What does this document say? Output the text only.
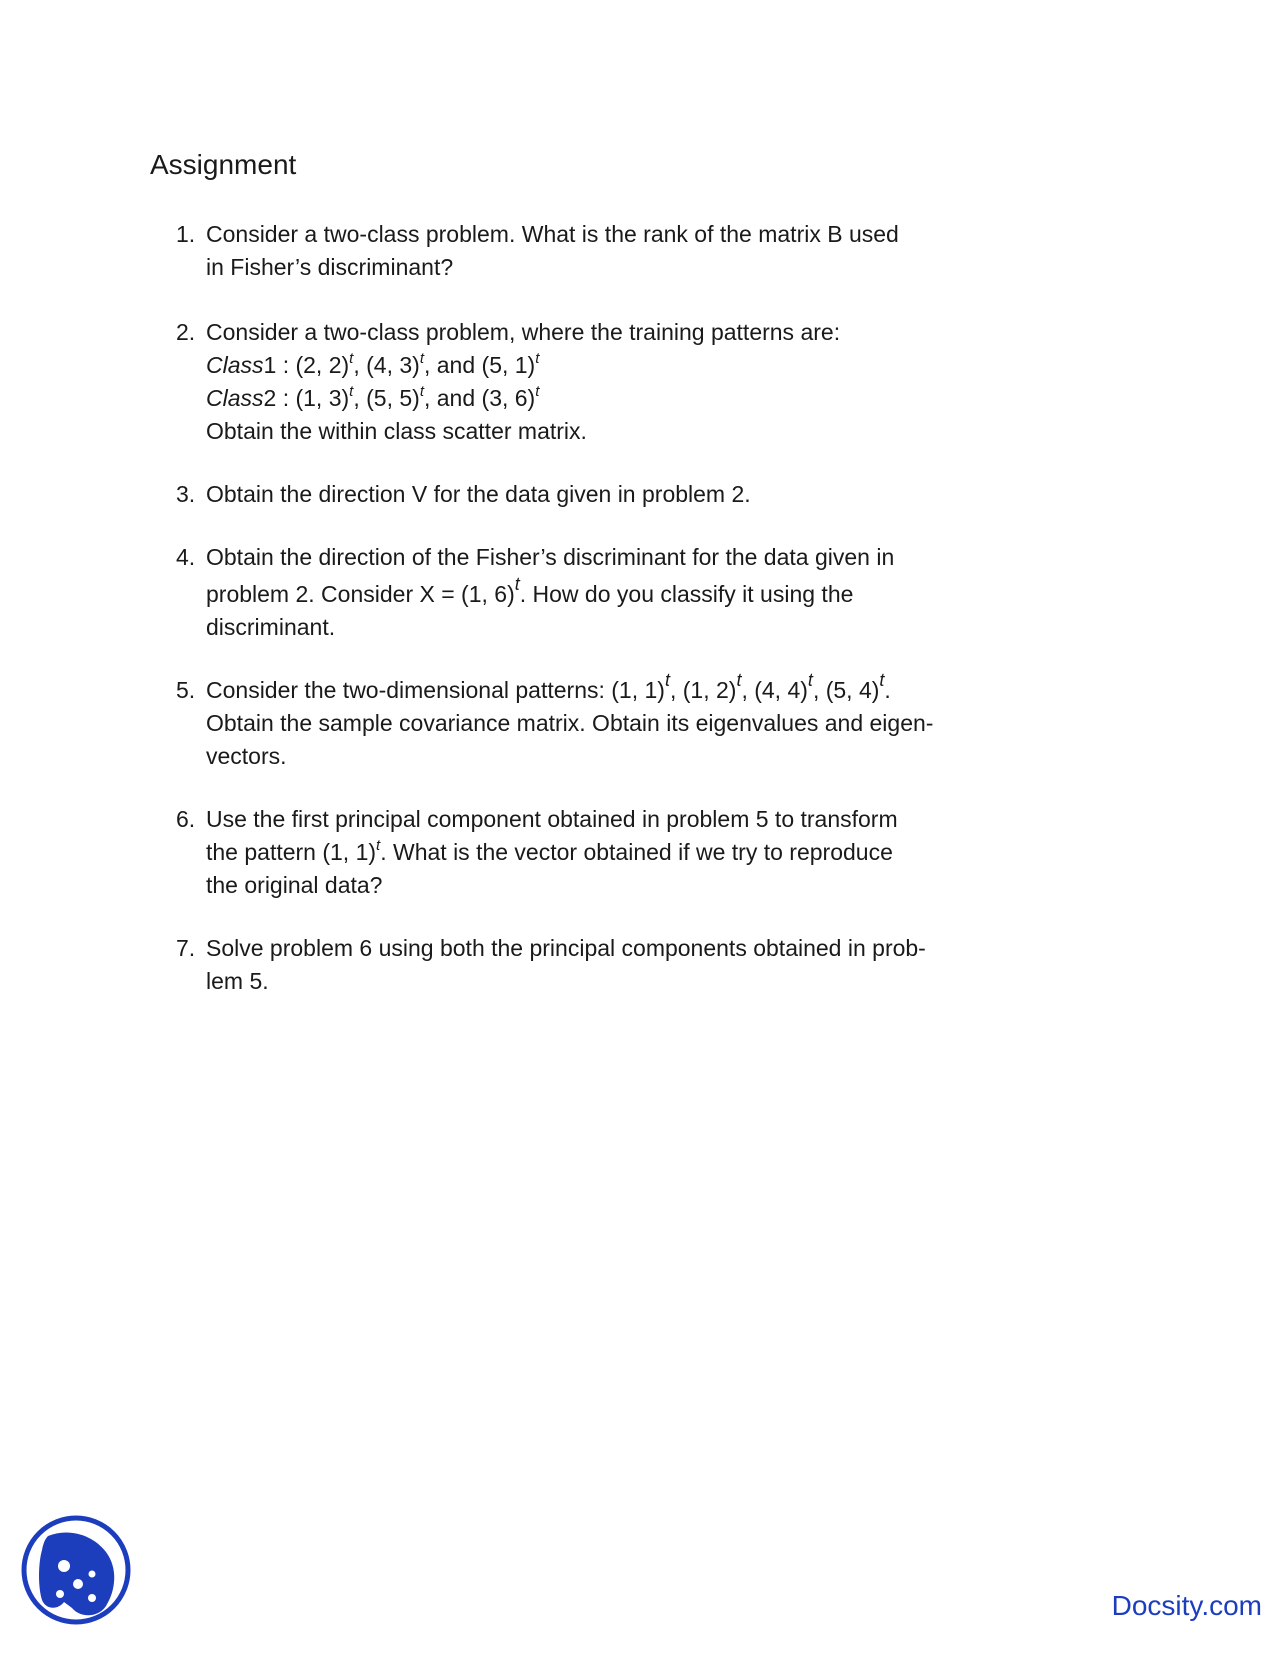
Assignment
1. Consider a two-class problem. What is the rank of the matrix B used
in Fisher’s discriminant?
2. Consider a two-class problem, where the training patterns are:
Class1 : (2, 2)$^t$, (4, 3)$^t$, and (5, 1)$^t$
Class2 : (1, 3)$^t$, (5, 5)$^t$, and (3, 6)$^t$
Obtain the within class scatter matrix.
3. Obtain the direction V for the data given in problem 2.
4. Obtain the direction of the Fisher’s discriminant for the data given in
problem 2. Consider X = (1, 6)$^t$. How do you classify it using the
discriminant.
5. Consider the two-dimensional patterns: (1, 1)$^t$, (1, 2)$^t$, (4, 4)$^t$, (5, 4)$^t$.
Obtain the sample covariance matrix. Obtain its eigenvalues and eigen-
vectors.
6. Use the first principal component obtained in problem 5 to transform
the pattern (1, 1)$^t$. What is the vector obtained if we try to reproduce
the original data?
7. Solve problem 6 using both the principal components obtained in prob-
lem 5.
Docsity.com
